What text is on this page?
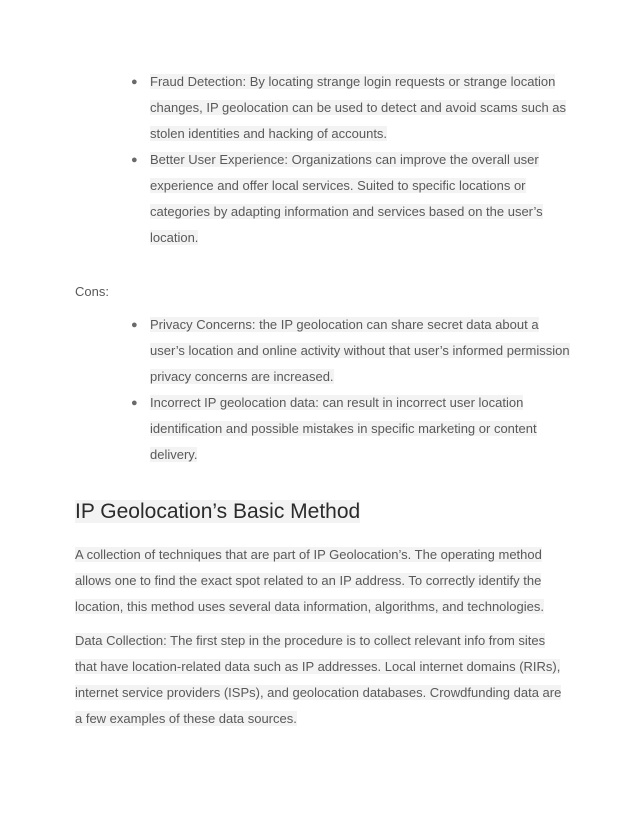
● Fraud Detection: By locating strange login requests or strange location changes, IP geolocation can be used to detect and avoid scams such as stolen identities and hacking of accounts.
● Better User Experience: Organizations can improve the overall user experience and offer local services. Suited to specific locations or categories by adapting information and services based on the user’s location.
Cons:
● Privacy Concerns: the IP geolocation can share secret data about a user’s location and online activity without that user’s informed permission privacy concerns are increased.
● Incorrect IP geolocation data: can result in incorrect user location identification and possible mistakes in specific marketing or content delivery.
IP Geolocation’s Basic Method

A collection of techniques that are part of IP Geolocation’s. The operating method allows one to find the exact spot related to an IP address. To correctly identify the location, this method uses several data information, algorithms, and technologies.

Data Collection: The first step in the procedure is to collect relevant info from sites that have location-related data such as IP addresses. Local internet domains (RIRs), internet service providers (ISPs), and geolocation databases. Crowdfunding data are a few examples of these data sources.
